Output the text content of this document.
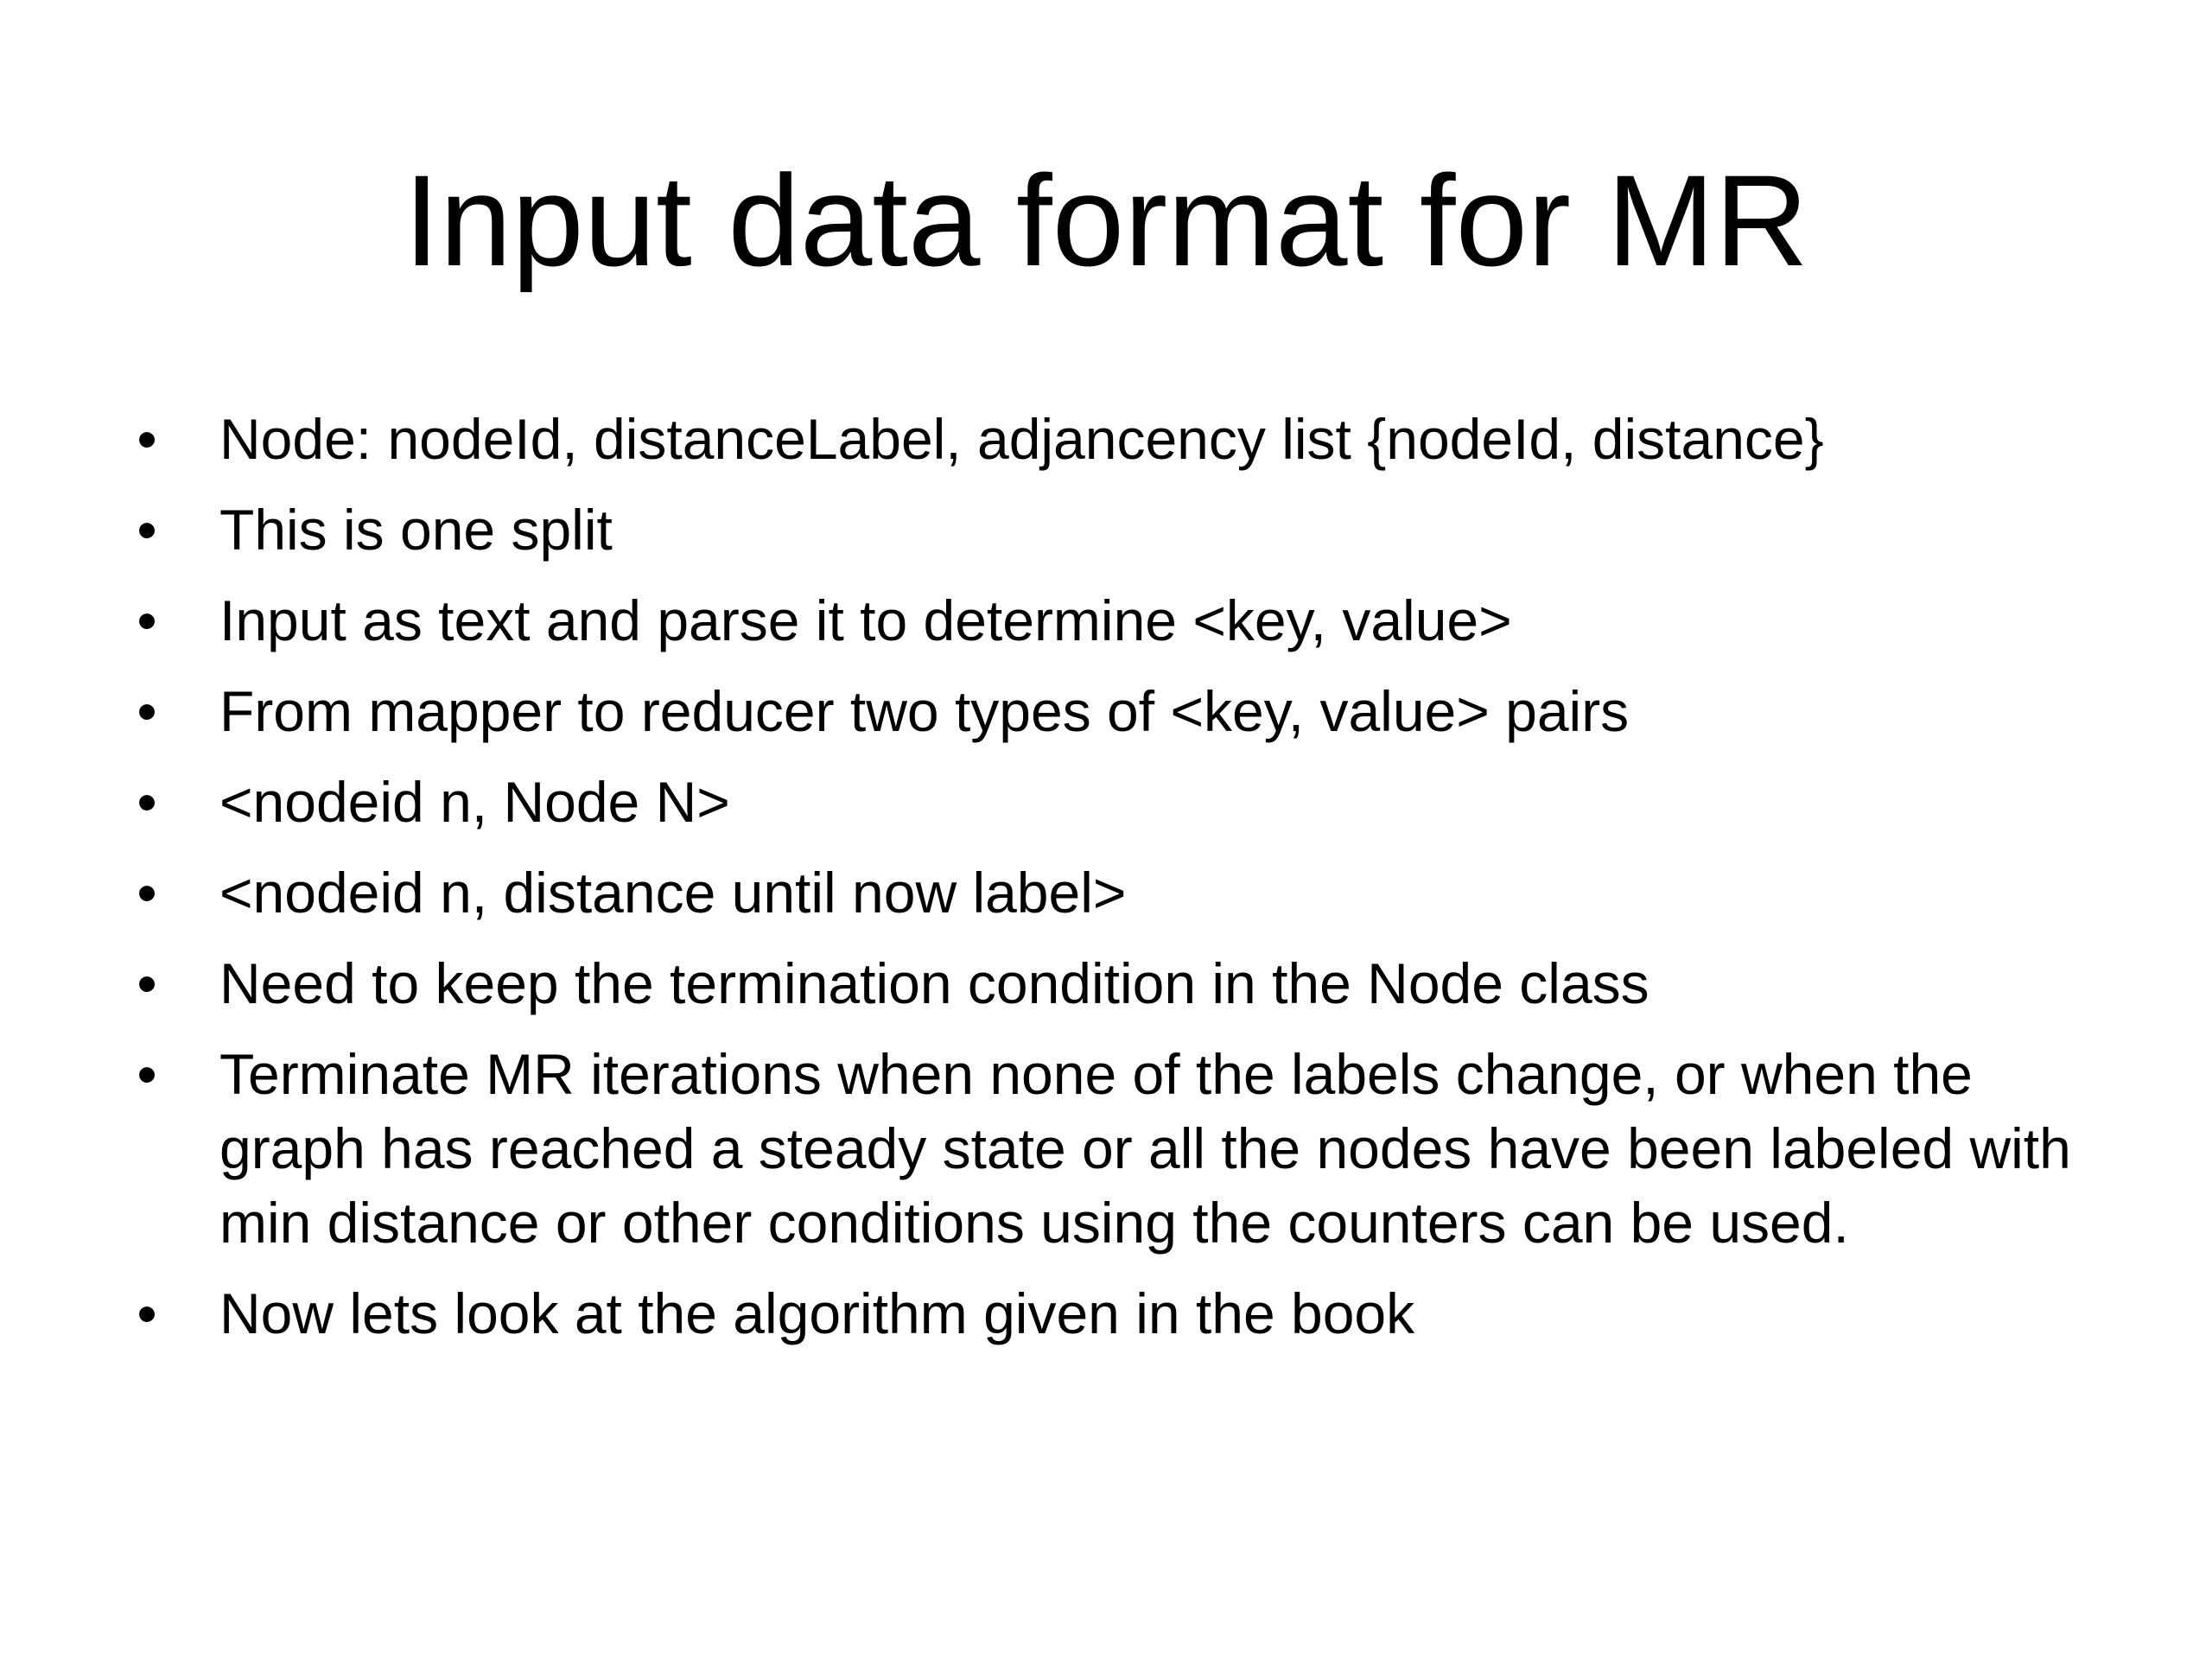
Input data format for MR
• Node: nodeId, distanceLabel, adjancency list {nodeId, distance}
• This is one split
• Input as text and parse it to determine <key, value>
• From mapper to reducer two types of <key, value> pairs
• <nodeid n, Node N>
• <nodeid n, distance until now label>
• Need to keep the termination condition in the Node class
• Terminate MR iterations when none of the labels change, or when the graph has reached a steady state or all the nodes have been labeled with min distance or other conditions using the counters can be used.
• Now lets look at the algorithm given in the book
